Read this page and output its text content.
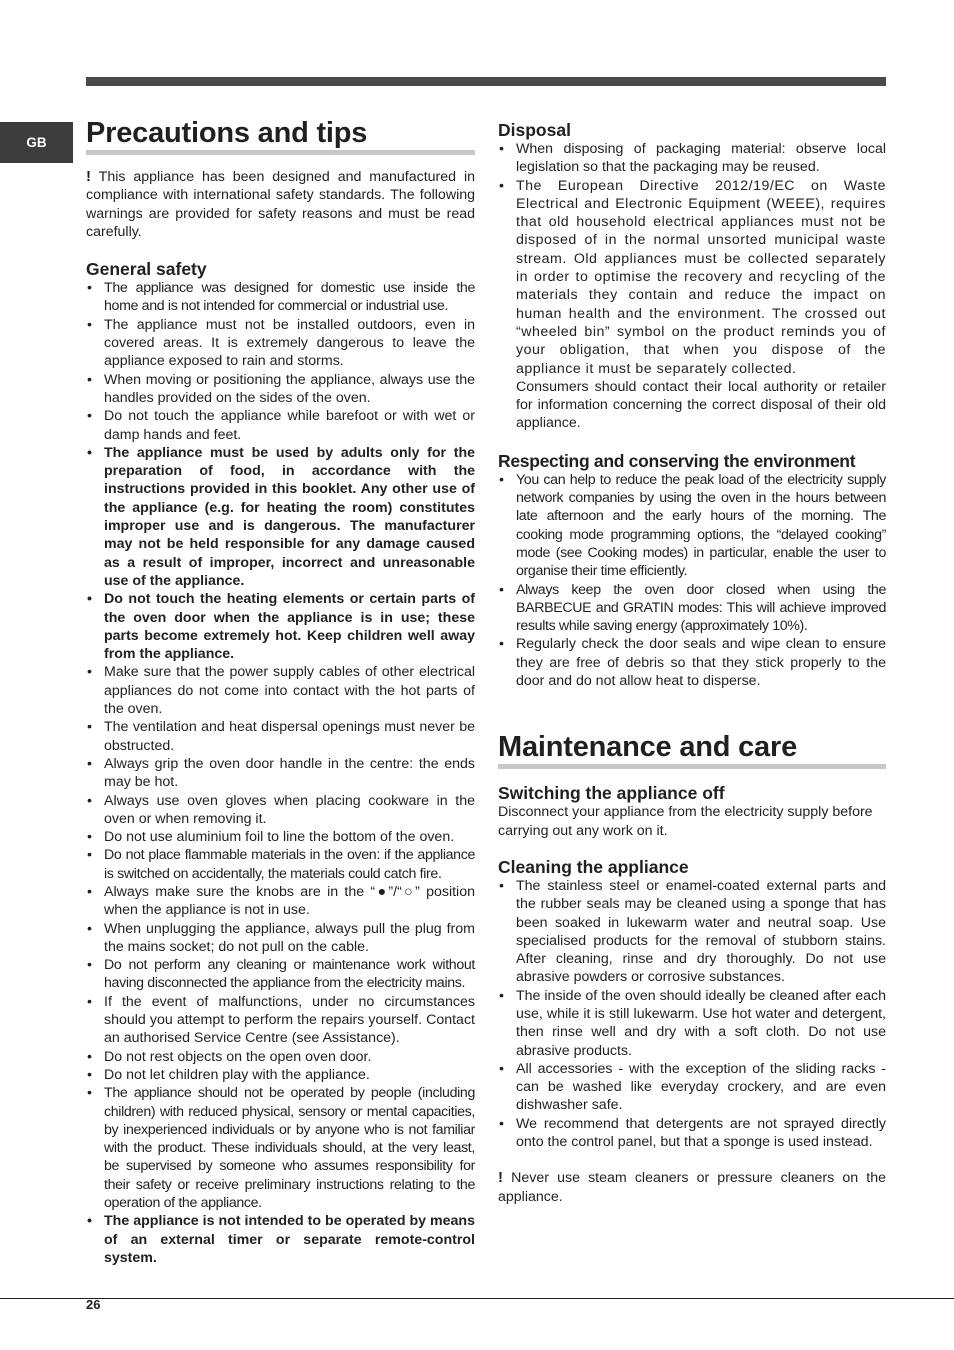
GB	Precautions and tips

! This appliance has been designed and manufactured in compliance with international safety standards. The following warnings are provided for safety reasons and must be read carefully.

General safety
• The appliance was designed for domestic use inside the home and is not intended for commercial or industrial use.
• The appliance must not be installed outdoors, even in covered areas. It is extremely dangerous to leave the appliance exposed to rain and storms.
• When moving or positioning the appliance, always use the handles provided on the sides of the oven.
• Do not touch the appliance while barefoot or with wet or damp hands and feet.
• The appliance must be used by adults only for the preparation of food, in accordance with the instructions provided in this booklet. Any other use of the appliance (e.g. for heating the room) constitutes improper use and is dangerous. The manufacturer may not be held responsible for any damage caused as a result of improper, incorrect and unreasonable use of the appliance.
• Do not touch the heating elements or certain parts of the oven door when the appliance is in use; these parts become extremely hot. Keep children well away from the appliance.
• Make sure that the power supply cables of other electrical appliances do not come into contact with the hot parts of the oven.
• The ventilation and heat dispersal openings must never be obstructed.
• Always grip the oven door handle in the centre: the ends may be hot.
• Always use oven gloves when placing cookware in the oven or when removing it.
• Do not use aluminium foil to line the bottom of the oven.
• Do not place flammable materials in the oven: if the appliance is switched on accidentally, the materials could catch fire.
• Always make sure the knobs are in the “●”/“○” position when the appliance is not in use.
• When unplugging the appliance, always pull the plug from the mains socket; do not pull on the cable.
• Do not perform any cleaning or maintenance work without having disconnected the appliance from the electricity mains.
• If the event of malfunctions, under no circumstances should you attempt to perform the repairs yourself. Contact an authorised Service Centre (see Assistance).
• Do not rest objects on the open oven door.
• Do not let children play with the appliance.
• The appliance should not be operated by people (including children) with reduced physical, sensory or mental capacities, by inexperienced individuals or by anyone who is not familiar with the product. These individuals should, at the very least, be supervised by someone who assumes responsibility for their safety or receive preliminary instructions relating to the operation of the appliance.
• The appliance is not intended to be operated by means of an external timer or separate remote-control system.
Disposal
• When disposing of packaging material: observe local legislation so that the packaging may be reused.
• The European Directive 2012/19/EC on Waste Electrical and Electronic Equipment (WEEE), requires that old household electrical appliances must not be disposed of in the normal unsorted municipal waste stream. Old appliances must be collected separately in order to optimise the recovery and recycling of the materials they contain and reduce the impact on human health and the environment. The crossed out “wheeled bin” symbol on the product reminds you of your obligation, that when you dispose of the appliance it must be separately collected.

Consumers should contact their local authority or retailer for information concerning the correct disposal of their old appliance.

Respecting and conserving the environment
• You can help to reduce the peak load of the electricity supply network companies by using the oven in the hours between late afternoon and the early hours of the morning. The cooking mode programming options, the “delayed cooking” mode (see Cooking modes) in particular, enable the user to organise their time efficiently.
• Always keep the oven door closed when using the BARBECUE and GRATIN modes: This will achieve improved results while saving energy (approximately 10%).
• Regularly check the door seals and wipe clean to ensure they are free of debris so that they stick properly to the door and do not allow heat to disperse.
Maintenance and care
Switching the appliance off

Disconnect your appliance from the electricity supply before carrying out any work on it.

Cleaning the appliance
• The stainless steel or enamel-coated external parts and the rubber seals may be cleaned using a sponge that has been soaked in lukewarm water and neutral soap. Use specialised products for the removal of stubborn stains. After cleaning, rinse and dry thoroughly. Do not use abrasive powders or corrosive substances.
• The inside of the oven should ideally be cleaned after each use, while it is still lukewarm. Use hot water and detergent, then rinse well and dry with a soft cloth. Do not use abrasive products.
• All accessories - with the exception of the sliding racks - can be washed like everyday crockery, and are even dishwasher safe.
• We recommend that detergents are not sprayed directly onto the control panel, but that a sponge is used instead.

! Never use steam cleaners or pressure cleaners on the appliance.

26
